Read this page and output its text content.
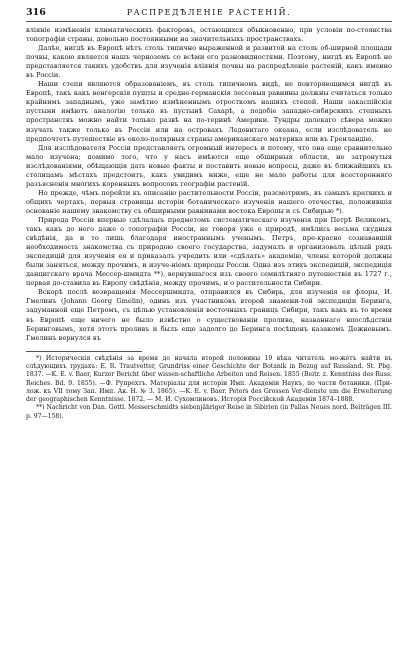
316	РАСПРЕДѢЛЕНІЕ РАСТЕНІЙ.

вліяніе измѣненія климатическихъ факторовъ, остающихся обыкновенно, при условіи по-стоянства топографіи страны, довольно постоянными на значительныхъ пространствахъ.

Далѣе, нигдѣ въ Европѣ нѣтъ столь типично выраженной и развитой на столь об-ширной площади почвы, какою является нашъ черноземъ со всѣми его разновидностями. Поэтому, нигдѣ въ Европѣ не представляется такихъ удобствъ для изученія вліянія почвы на распредѣленіе растеній, какъ именно въ Россіи.

Наши степи являются образованіемъ, въ столь типичномъ видѣ, не повторяющимся нигдѣ въ Европѣ, такъ какъ венгерскія пушты и средне-германскія лессовыя равнины должны считаться только крайнимъ западнымъ, уже замѣтно измѣненнымъ отросткомъ нашихъ степей. Наши закаспійскія пустыни имѣютъ аналогію только въ пустынѣ Сахарѣ, а подобіе западно-сибирскихъ степныхъ пространствъ можно найти только развѣ на по-теринѣ Америки. Тундры далекаго сѣвера можно изучать также только въ Россіи или на островахъ Ледовитаго океана, если изслѣдователь не предпочтетъ путешествіе въ около-полярныя страны американскаго материка или въ Гренландію.

Для изслѣдователя Россіи представляетъ огромный интересъ и потому, что она еще сравнительно мало изучена; помимо того, что у насъ имѣются еще обширныя области, не затронутыя изслѣдованіями, обѣщающія дать новые факты и поставить новые вопросы, даже въ ближайшихъ къ столицамъ мѣстахъ предстоитъ, какъ увидимъ ниже, еще не мало работы для всесторонняго разъясненія многихъ коренныхъ вопросовъ географіи растеній.

Но прежде, чѣмъ перейти къ описанію растительности Россіи, разсмотримъ, въ самыхъ краткихъ и общихъ чертахъ, первыя страницы исторіи ботаническаго изученія нашего отечества, положившія основаніе нашему знакомству съ обширными равнинами востока Европы и съ Сибирью *).

Природа Россіи впервые сдѣлалась предметомъ систематическаго изученія при Петрѣ Великомъ, такъ какъ до него даже о топографіи Россіи, не говоря уже о природѣ, имѣлись весьма скудныя свѣдѣнія, да и то лишь благодаря иностраннымъ ученымъ. Петръ, пре-красно сознававшій необходимость знакомства съ природою своего государства, задумалъ и организовалъ цѣлый рядъ экспедицій для изученія ея и приказалъ учредить или «сдѣлать» академію, члены которой должны были заняться, между прочимъ, и изуче-ніемъ природы Россіи. Одна изъ этихъ экспедицій, экспедиція данцигскаго врача Мессер-шмидта **), вернувшагося изъ своего семилѣтняго путешествія въ 1727 г., первая до-ставила въ Европу свѣдѣнія, между прочимъ, и о растительности Сибири.

Вскорѣ послѣ возвращенія Мессершмидта, отправился въ Сибирь, для изученія ея флоры, И. Гмелинъ (Johann Georg Gmelin), одинъ изъ участниковъ второй знамени-той экспедиціи Беринга, задуманной еще Петромъ, съ цѣлью установленія восточныхъ границъ Сибири, такъ какъ въ то время въ Европѣ еще ничего не было извѣстно о существованіи пролива, названнаго впослѣдствіи Беринговымъ, хотя этотъ проливъ и былъ еще задолго до Беринга посѣщенъ казакомъ Дежневымъ. Гмелинъ вернулся въ

*) Историческія свѣдѣнія за время до начала второй половины 19 вѣка читатель мо-жетъ найти въ слѣдующихъ трудахъ: E. R. Trautvetter, Grundriss einer Geschichte der Botanik in Bezug auf Russland. St. Pbg. 1837. —K. E. v. Baer, Kurzer Bericht über wissen-schaftliche Arbeiten und Reisen. 1855 (Beitr. z. Kenntniss des Russ. Reiches. Bd. 9. 1855). —Ф. Рупрехтъ. Матеріалы для исторіи Имп. Академіи Наукъ, по части ботаники. (При-лож. къ VII тому Зап. Имп. Ак. Н. № 3. 1865). —K. E. v. Baer. Peters des Grossen Ver-dienste um die Erweiterung der geographischen Kenntnisse. 1872. — М. И. Сухомлиновъ. Исторія Россійской Академіи 1874–1888.

**) Nachricht von Dan. Gottl. Messerschmidts siebenjähriger Reise in Sibirien (in Pallas Neues nord. Beiträgen III. p. 97—158).
